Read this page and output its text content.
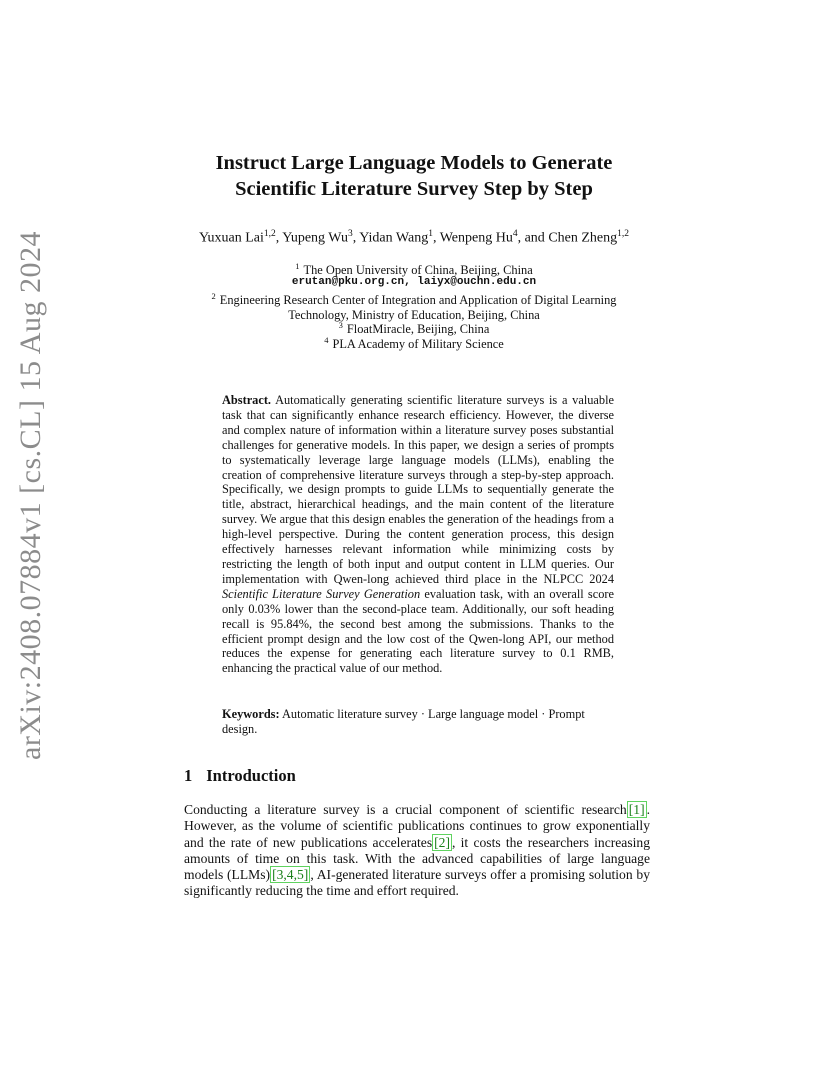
arXiv:2408.07884v1 [cs.CL] 15 Aug 2024
Instruct Large Language Models to Generate
Scientific Literature Survey Step by Step
Yuxuan Lai$^{1,2}$, Yupeng Wu$^3$, Yidan Wang$^1$, Wenpeng Hu$^4$, and Chen Zheng$^{1,2}$
$^1$ The Open University of China, Beijing, China
erutan@pku.org.cn, laiyx@ouchn.edu.cn
$^2$ Engineering Research Center of Integration and Application of Digital Learning
Technology, Ministry of Education, Beijing, China
$^3$ FloatMiracle, Beijing, China
$^4$ PLA Academy of Military Science
Abstract. Automatically generating scientific literature surveys is a valuable task that can significantly enhance research efficiency. However, the diverse and complex nature of information within a literature survey poses substantial challenges for generative models. In this paper, we design a series of prompts to systematically leverage large language models (LLMs), enabling the creation of comprehensive literature surveys through a step-by-step approach. Specifically, we design prompts to guide LLMs to sequentially generate the title, abstract, hierarchical headings, and the main content of the literature survey. We argue that this design enables the generation of the headings from a high-level perspective. During the content generation process, this design effectively harnesses relevant information while minimizing costs by restricting the length of both input and output content in LLM queries. Our implementation with Qwen-long achieved third place in the NLPCC 2024 Scientific Literature Survey Generation evaluation task, with an overall score only 0.03% lower than the second-place team. Additionally, our soft heading recall is 95.84%, the second best among the submissions. Thanks to the efficient prompt design and the low cost of the Qwen-long API, our method reduces the expense for generating each literature survey to 0.1 RMB, enhancing the practical value of our method.
Keywords: Automatic literature survey · Large language model · Prompt design.
1 Introduction
Conducting a literature survey is a crucial component of scientific research [1] . However, as the volume of scientific publications continues to grow exponentially and the rate of new publications accelerates [2] , it costs the researchers increasing amounts of time on this task. With the advanced capabilities of large language models (LLMs) [3,4,5] , AI-generated literature surveys offer a promising solution by significantly reducing the time and effort required.
